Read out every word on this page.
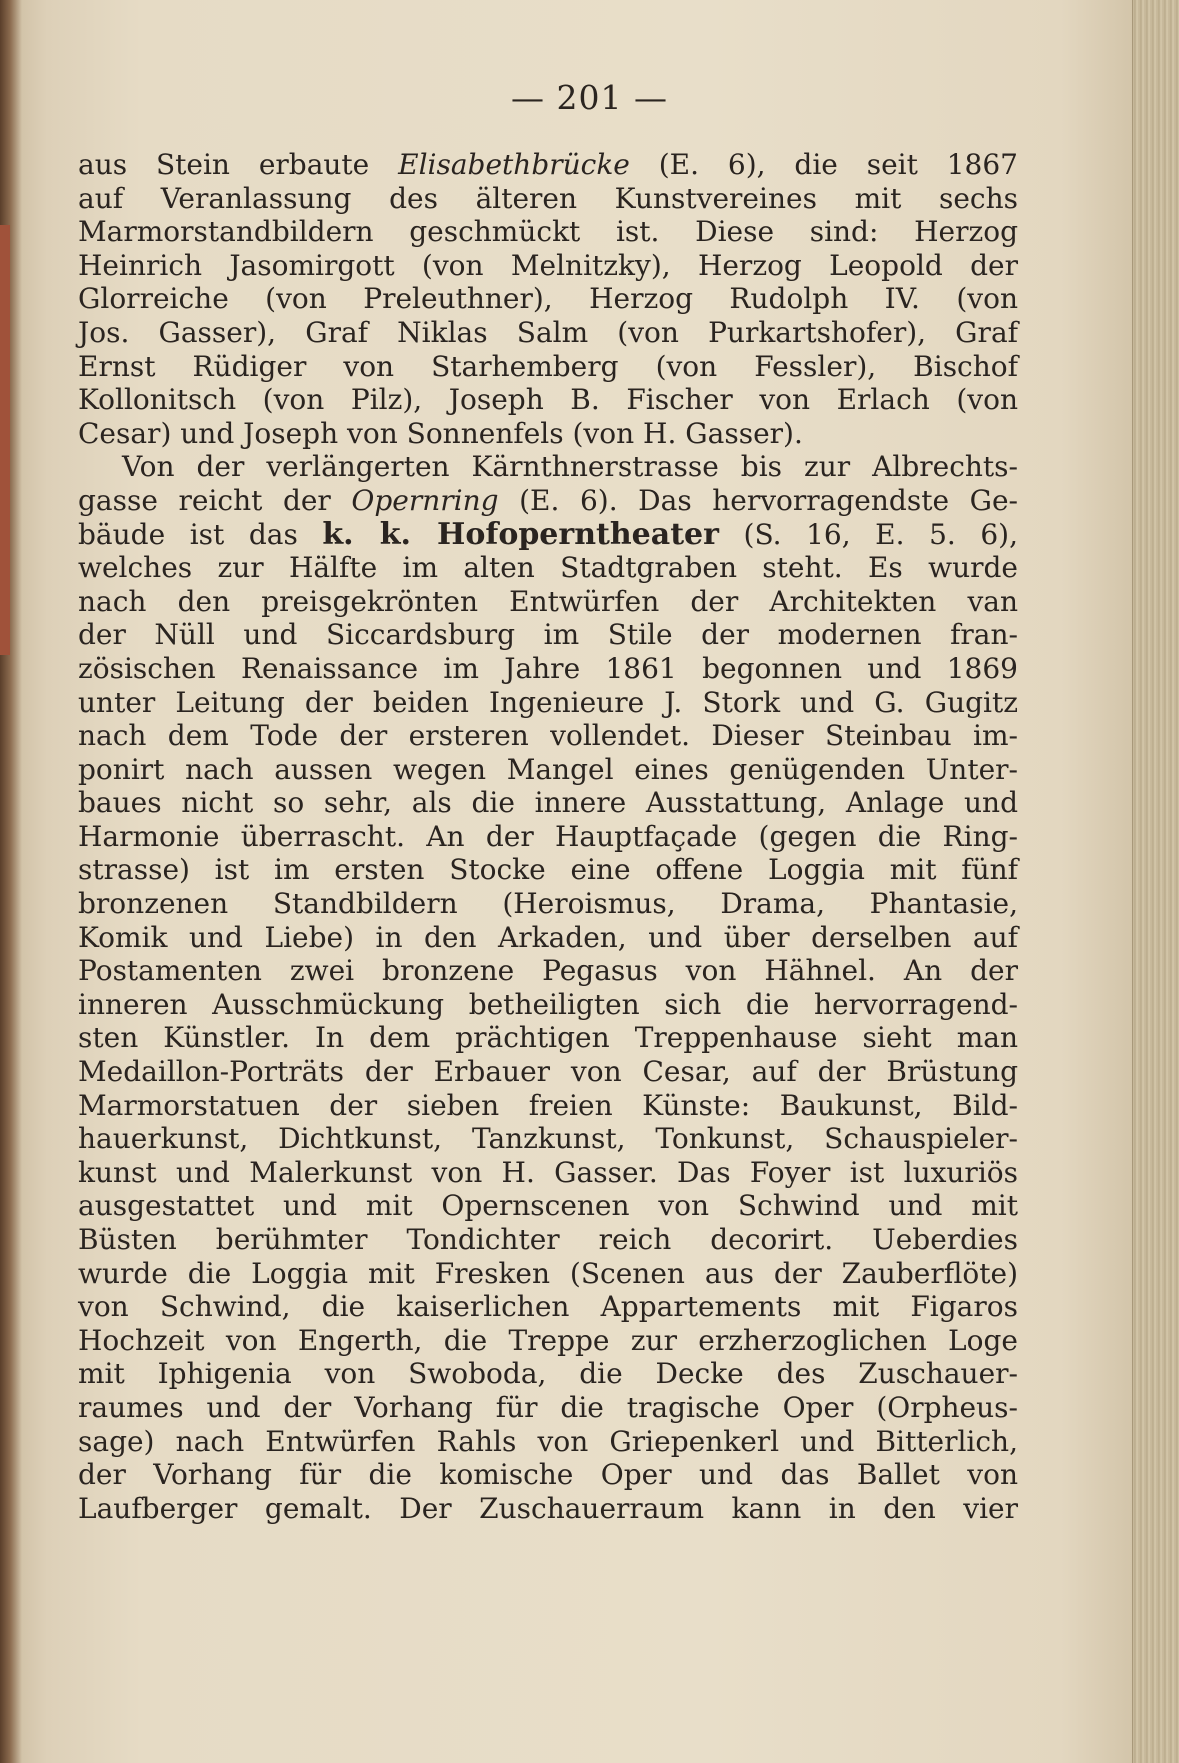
— 201 —
aus Stein erbaute Elisabethbrücke (E. 6), die seit 1867
auf Veranlassung des älteren Kunstvereines mit sechs
Marmorstandbildern geschmückt ist. Diese sind: Herzog
Heinrich Jasomirgott (von Melnitzky), Herzog Leopold der
Glorreiche (von Preleuthner), Herzog Rudolph IV. (von
Jos. Gasser), Graf Niklas Salm (von Purkartshofer), Graf
Ernst Rüdiger von Starhemberg (von Fessler), Bischof
Kollonitsch (von Pilz), Joseph B. Fischer von Erlach (von
Cesar) und Joseph von Sonnenfels (von H. Gasser).
Von der verlängerten Kärnthnerstrasse bis zur Albrechts-
gasse reicht der Opernring (E. 6). Das hervorragendste Ge-
bäude ist das k. k. Hofoperntheater (S. 16, E. 5. 6),
welches zur Hälfte im alten Stadtgraben steht. Es wurde
nach den preisgekrönten Entwürfen der Architekten van
der Nüll und Siccardsburg im Stile der modernen fran-
zösischen Renaissance im Jahre 1861 begonnen und 1869
unter Leitung der beiden Ingenieure J. Stork und G. Gugitz
nach dem Tode der ersteren vollendet. Dieser Steinbau im-
ponirt nach aussen wegen Mangel eines genügenden Unter-
baues nicht so sehr, als die innere Ausstattung, Anlage und
Harmonie überrascht. An der Hauptfaçade (gegen die Ring-
strasse) ist im ersten Stocke eine offene Loggia mit fünf
bronzenen Standbildern (Heroismus, Drama, Phantasie,
Komik und Liebe) in den Arkaden, und über derselben auf
Postamenten zwei bronzene Pegasus von Hähnel. An der
inneren Ausschmückung betheiligten sich die hervorragend-
sten Künstler. In dem prächtigen Treppenhause sieht man
Medaillon-Porträts der Erbauer von Cesar, auf der Brüstung
Marmorstatuen der sieben freien Künste: Baukunst, Bild-
hauerkunst, Dichtkunst, Tanzkunst, Tonkunst, Schauspieler-
kunst und Malerkunst von H. Gasser. Das Foyer ist luxuriös
ausgestattet und mit Opernscenen von Schwind und mit
Büsten berühmter Tondichter reich decorirt. Ueberdies
wurde die Loggia mit Fresken (Scenen aus der Zauberflöte)
von Schwind, die kaiserlichen Appartements mit Figaros
Hochzeit von Engerth, die Treppe zur erzherzoglichen Loge
mit Iphigenia von Swoboda, die Decke des Zuschauer-
raumes und der Vorhang für die tragische Oper (Orpheus-
sage) nach Entwürfen Rahls von Griepenkerl und Bitterlich,
der Vorhang für die komische Oper und das Ballet von
Laufberger gemalt. Der Zuschauerraum kann in den vier
